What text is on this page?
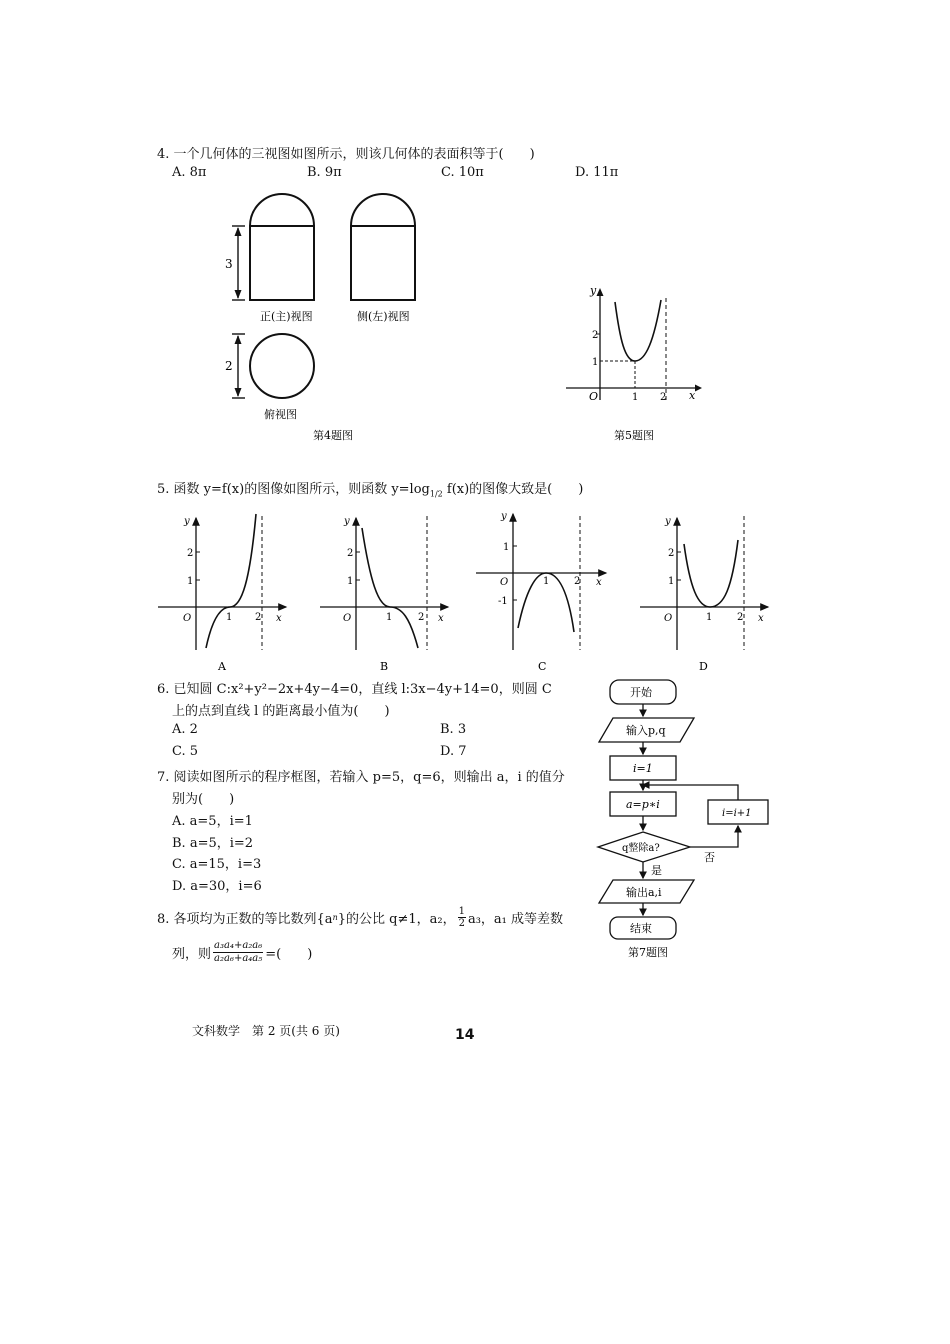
4. 一个几何体的三视图如图所示，则该几何体的表面积等于(　　)
A. 8π	B. 9π	C. 10π	D. 11π
3
正(主)视图	侧(左)视图
2
俯视图
第4题图
y
x
O	1 2
1
2
第5题图
5. 函数 y=f(x)的图像如图所示，则函数 $y=\log_{1/2}$ f(x)的图像大致是(　　)
y
x
O	1 2
1
2
A
y
x
O	1	2
1
2
B
y
x
O	1 2
1
-1
C
y
x
O	1 2
1
2
D
6. 已知圆 C:x²+y²−2x+4y−4=0，直线 l:3x−4y+14=0，则圆 C
上的点到直线 l 的距离最小值为(　　)
A. 2	B. 3
C. 5	D. 7
7. 阅读如图所示的程序框图，若输入 p=5，q=6，则输出 a，i 的值分
别为(　　)
A. a=5，i=1
B. a=5，i=2
C. a=15，i=3
D. a=30，i=6
开始
输入p,q
i=1
a=p∗i
q整除a?
是
否
i=i+1
输出a,i
结束
第7题图
8. 各项均为正数的等比数列{a n }的公比 q≠1，a₂， $\frac{1}{2} a_3$，a₁ 成等差数
列，则 $\frac{\text{a₃a₄+a₂a₆}}{\text{a₂a₆+a₄a₅}}$ =(　　)
文科数学　第 2 页(共 6 页)	14
